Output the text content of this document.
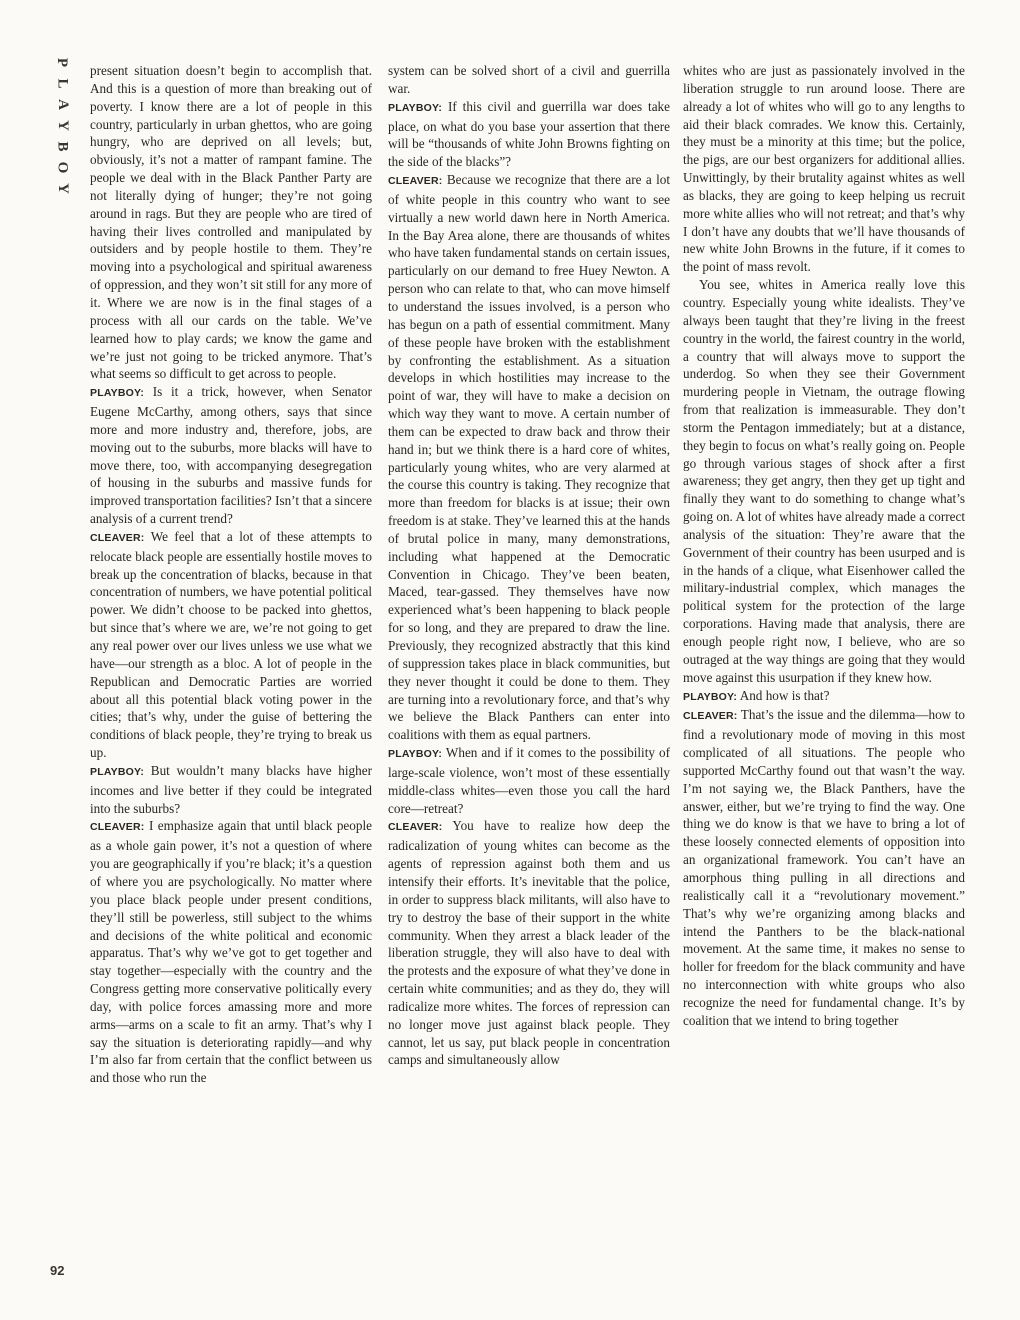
P
L
A
Y
B
O
Y

present situation doesn’t begin to accomplish that. And this is a question of more than breaking out of poverty. I know there are a lot of people in this country, particularly in urban ghettos, who are going hungry, who are deprived on all levels; but, obviously, it’s not a matter of rampant famine. The people we deal with in the Black Panther Party are not literally dying of hunger; they’re not going around in rags. But they are people who are tired of having their lives controlled and manipulated by outsiders and by people hostile to them. They’re moving into a psychological and spiritual awareness of oppression, and they won’t sit still for any more of it. Where we are now is in the final stages of a process with all our cards on the table. We’ve learned how to play cards; we know the game and we’re just not going to be tricked anymore. That’s what seems so difficult to get across to people.

PLAYBOY: Is it a trick, however, when Senator Eugene McCarthy, among others, says that since more and more industry and, therefore, jobs, are moving out to the suburbs, more blacks will have to move there, too, with accompanying desegregation of housing in the suburbs and massive funds for improved transportation facilities? Isn’t that a sincere analysis of a current trend?

CLEAVER: We feel that a lot of these attempts to relocate black people are essentially hostile moves to break up the concentration of blacks, because in that concentration of numbers, we have potential political power. We didn’t choose to be packed into ghettos, but since that’s where we are, we’re not going to get any real power over our lives unless we use what we have—our strength as a bloc. A lot of people in the Republican and Democratic Parties are worried about all this potential black voting power in the cities; that’s why, under the guise of bettering the conditions of black people, they’re trying to break us up.

PLAYBOY: But wouldn’t many blacks have higher incomes and live better if they could be integrated into the suburbs?

CLEAVER: I emphasize again that until black people as a whole gain power, it’s not a question of where you are geographically if you’re black; it’s a question of where you are psychologically. No matter where you place black people under present conditions, they’ll still be powerless, still subject to the whims and decisions of the white political and economic apparatus. That’s why we’ve got to get together and stay together—especially with the country and the Congress getting more conservative politically every day, with police forces amassing more and more arms—arms on a scale to fit an army. That’s why I say the situation is deteriorating rapidly—and why I’m also far from certain that the conflict between us and those who run the

system can be solved short of a civil and guerrilla war.

PLAYBOY: If this civil and guerrilla war does take place, on what do you base your assertion that there will be “thousands of white John Browns fighting on the side of the blacks”?

CLEAVER: Because we recognize that there are a lot of white people in this country who want to see virtually a new world dawn here in North America. In the Bay Area alone, there are thousands of whites who have taken fundamental stands on certain issues, particularly on our demand to free Huey Newton. A person who can relate to that, who can move himself to understand the issues involved, is a person who has begun on a path of essential commitment. Many of these people have broken with the establishment by confronting the establishment. As a situation develops in which hostilities may increase to the point of war, they will have to make a decision on which way they want to move. A certain number of them can be expected to draw back and throw their hand in; but we think there is a hard core of whites, particularly young whites, who are very alarmed at the course this country is taking. They recognize that more than freedom for blacks is at issue; their own freedom is at stake. They’ve learned this at the hands of brutal police in many, many demonstrations, including what happened at the Democratic Convention in Chicago. They’ve been beaten, Maced, tear-gassed. They themselves have now experienced what’s been happening to black people for so long, and they are prepared to draw the line. Previously, they recognized abstractly that this kind of suppression takes place in black communities, but they never thought it could be done to them. They are turning into a revolutionary force, and that’s why we believe the Black Panthers can enter into coalitions with them as equal partners.

PLAYBOY: When and if it comes to the possibility of large-scale violence, won’t most of these essentially middle-class whites—even those you call the hard core—retreat?

CLEAVER: You have to realize how deep the radicalization of young whites can become as the agents of repression against both them and us intensify their efforts. It’s inevitable that the police, in order to suppress black militants, will also have to try to destroy the base of their support in the white community. When they arrest a black leader of the liberation struggle, they will also have to deal with the protests and the exposure of what they’ve done in certain white communities; and as they do, they will radicalize more whites. The forces of repression can no longer move just against black people. They cannot, let us say, put black people in concentration camps and simultaneously allow

whites who are just as passionately involved in the liberation struggle to run around loose. There are already a lot of whites who will go to any lengths to aid their black comrades. We know this. Certainly, they must be a minority at this time; but the police, the pigs, are our best organizers for additional allies. Unwittingly, by their brutality against whites as well as blacks, they are going to keep helping us recruit more white allies who will not retreat; and that’s why I don’t have any doubts that we’ll have thousands of new white John Browns in the future, if it comes to the point of mass revolt.

You see, whites in America really love this country. Especially young white idealists. They’ve always been taught that they’re living in the freest country in the world, the fairest country in the world, a country that will always move to support the underdog. So when they see their Government murdering people in Vietnam, the outrage flowing from that realization is immeasurable. They don’t storm the Pentagon immediately; but at a distance, they begin to focus on what’s really going on. People go through various stages of shock after a first awareness; they get angry, then they get up tight and finally they want to do something to change what’s going on. A lot of whites have already made a correct analysis of the situation: They’re aware that the Government of their country has been usurped and is in the hands of a clique, what Eisenhower called the military-industrial complex, which manages the political system for the protection of the large corporations. Having made that analysis, there are enough people right now, I believe, who are so outraged at the way things are going that they would move against this usurpation if they knew how.

PLAYBOY: And how is that?

CLEAVER: That’s the issue and the dilemma—how to find a revolutionary mode of moving in this most complicated of all situations. The people who supported McCarthy found out that wasn’t the way. I’m not saying we, the Black Panthers, have the answer, either, but we’re trying to find the way. One thing we do know is that we have to bring a lot of these loosely connected elements of opposition into an organizational framework. You can’t have an amorphous thing pulling in all directions and realistically call it a “revolutionary movement.” That’s why we’re organizing among blacks and intend the Panthers to be the black-national movement. At the same time, it makes no sense to holler for freedom for the black community and have no interconnection with white groups who also recognize the need for fundamental change. It’s by coalition that we intend to bring together

92
